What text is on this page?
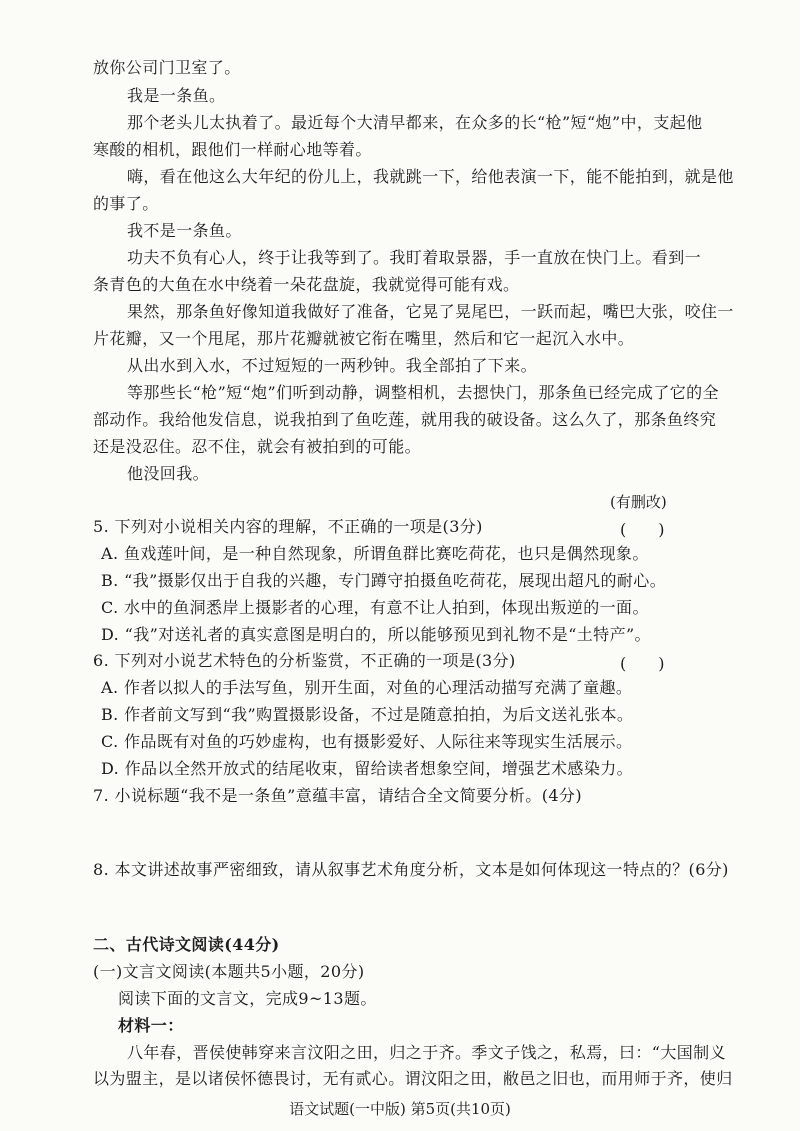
放你公司门卫室了。
我是一条鱼。
那个老头儿太执着了。最近每个大清早都来，在众多的长“枪”短“炮”中，支起他
寒酸的相机，跟他们一样耐心地等着。
嗨，看在他这么大年纪的份儿上，我就跳一下，给他表演一下，能不能拍到，就是他
的事了。
我不是一条鱼。
功夫不负有心人，终于让我等到了。我盯着取景器，手一直放在快门上。看到一
条青色的大鱼在水中绕着一朵花盘旋，我就觉得可能有戏。
果然，那条鱼好像知道我做好了准备，它晃了晃尾巴，一跃而起，嘴巴大张，咬住一
片花瓣，又一个甩尾，那片花瓣就被它衔在嘴里，然后和它一起沉入水中。
从出水到入水，不过短短的一两秒钟。我全部拍了下来。
等那些长“枪”短“炮”们听到动静，调整相机，去摁快门，那条鱼已经完成了它的全
部动作。我给他发信息，说我拍到了鱼吃莲，就用我的破设备。这么久了，那条鱼终究
还是没忍住。忍不住，就会有被拍到的可能。
他没回我。
(有删改)
5. 下列对小说相关内容的理解，不正确的一项是(3分)	(　　)
A. 鱼戏莲叶间，是一种自然现象，所谓鱼群比赛吃荷花，也只是偶然现象。
B. “我”摄影仅出于自我的兴趣，专门蹲守拍摄鱼吃荷花，展现出超凡的耐心。
C. 水中的鱼洞悉岸上摄影者的心理，有意不让人拍到，体现出叛逆的一面。
D. “我”对送礼者的真实意图是明白的，所以能够预见到礼物不是“土特产”。
6. 下列对小说艺术特色的分析鉴赏，不正确的一项是(3分)	(　　)
A. 作者以拟人的手法写鱼，别开生面，对鱼的心理活动描写充满了童趣。
B. 作者前文写到“我”购置摄影设备，不过是随意拍拍，为后文送礼张本。
C. 作品既有对鱼的巧妙虚构，也有摄影爱好、人际往来等现实生活展示。
D. 作品以全然开放式的结尾收束，留给读者想象空间，增强艺术感染力。
7. 小说标题“我不是一条鱼”意蕴丰富，请结合全文简要分析。(4分)
8. 本文讲述故事严密细致，请从叙事艺术角度分析，文本是如何体现这一特点的？(6分)
二、古代诗文阅读(44分)
(一)文言文阅读(本题共5小题，20分)
阅读下面的文言文，完成9~13题。
材料一：
八年春，晋侯使韩穿来言汶阳之田，归之于齐。季文子饯之，私焉，曰：“大国制义
以为盟主，是以诸侯怀德畏讨，无有贰心。谓汶阳之田，敝邑之旧也，而用师于齐，使归
语文试题(一中版) 第5页(共10页)
